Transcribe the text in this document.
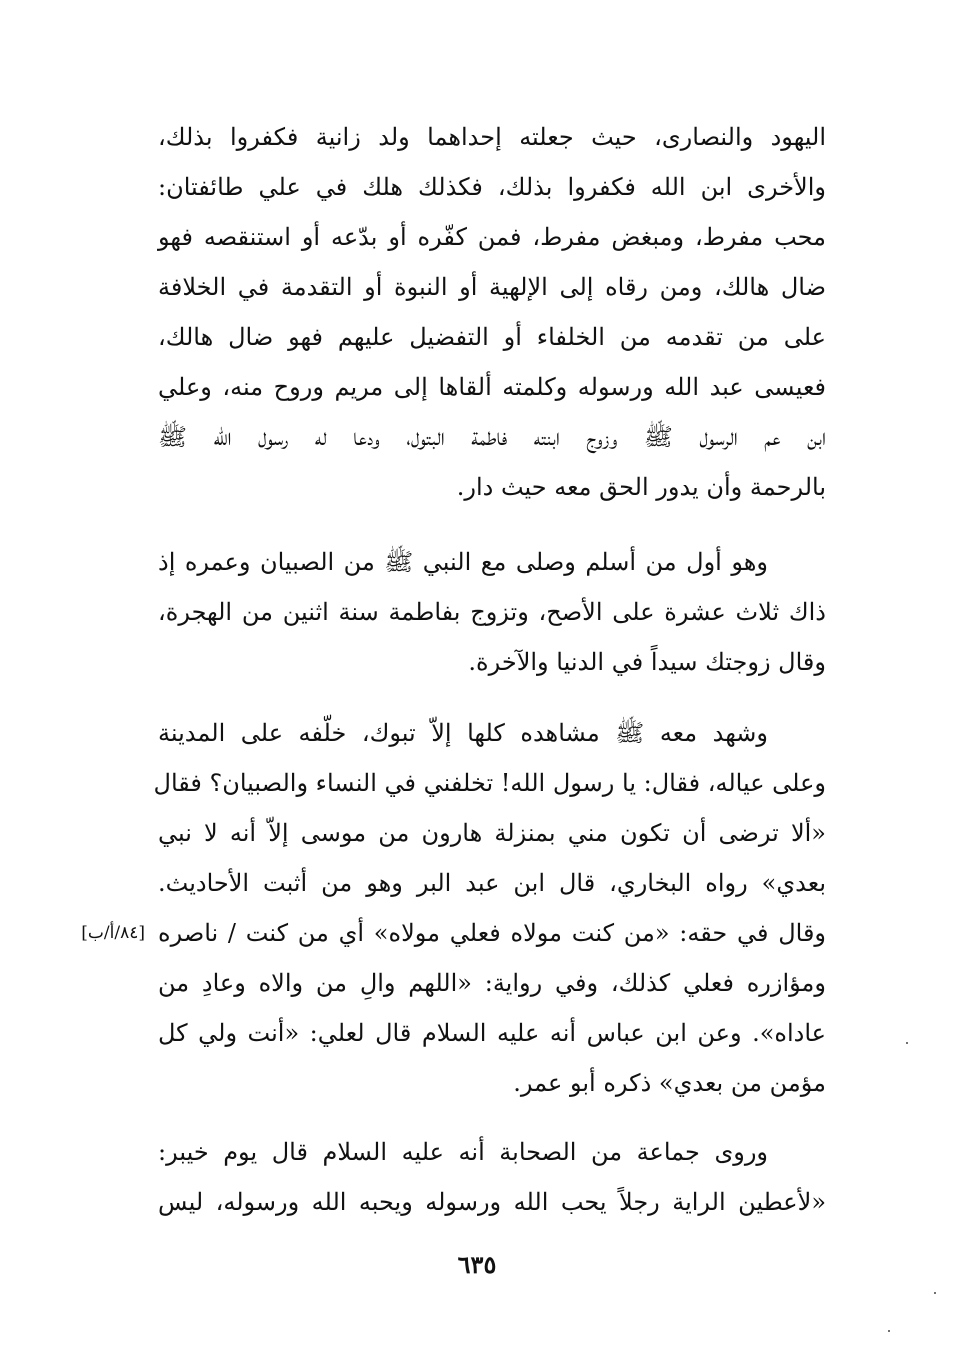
اليهود والنصارى، حيث جعلته إحداهما ولد زانية فكفروا بذلك،
والأخرى ابن الله فكفروا بذلك، فكذلك هلك في علي طائفتان:
محب مفرط، ومبغض مفرط، فمن كفّره أو بدّعه أو استنقصه فهو
ضال هالك، ومن رقاه إلى الإلهية أو النبوة أو التقدمة في الخلافة
على من تقدمه من الخلفاء أو التفضيل عليهم فهو ضال هالك،
فعيسى عبد الله ورسوله وكلمته ألقاها إلى مريم وروح منه، وعلي
ابن عم الرسول ﷺ وزوج ابنته فاطمة البتول، ودعا له رسول الله ﷺ
بالرحمة وأن يدور الحق معه حيث دار.
وهو أول من أسلم وصلى مع النبي ﷺ من الصبيان وعمره إذ
ذاك ثلاث عشرة على الأصح، وتزوج بفاطمة سنة اثنين من الهجرة،
وقال زوجتك سيداً في الدنيا والآخرة.
وشهد معه ﷺ مشاهده كلها إلاّ تبوك، خلّفه على المدينة
وعلى عياله، فقال: يا رسول الله! تخلفني في النساء والصبيان؟ فقال
«ألا ترضى أن تكون مني بمنزلة هارون من موسى إلاّ أنه لا نبي
بعدي» رواه البخاري، قال ابن عبد البر وهو من أثبت الأحاديث.
وقال في حقه: «من كنت مولاه فعلي مولاه» أي من كنت / ناصره
ومؤازره فعلي كذلك، وفي رواية: «اللهم والِ من والاه وعادِ من
عاداه». وعن ابن عباس أنه عليه السلام قال لعلي: «أنت ولي كل
مؤمن من بعدي» ذكره أبو عمر.
[٨٤/أ/ب]
وروى جماعة من الصحابة أنه عليه السلام قال يوم خيبر:
«لأعطين الراية رجلاً يحب الله ورسوله ويحبه الله ورسوله، ليس
٦٣٥
